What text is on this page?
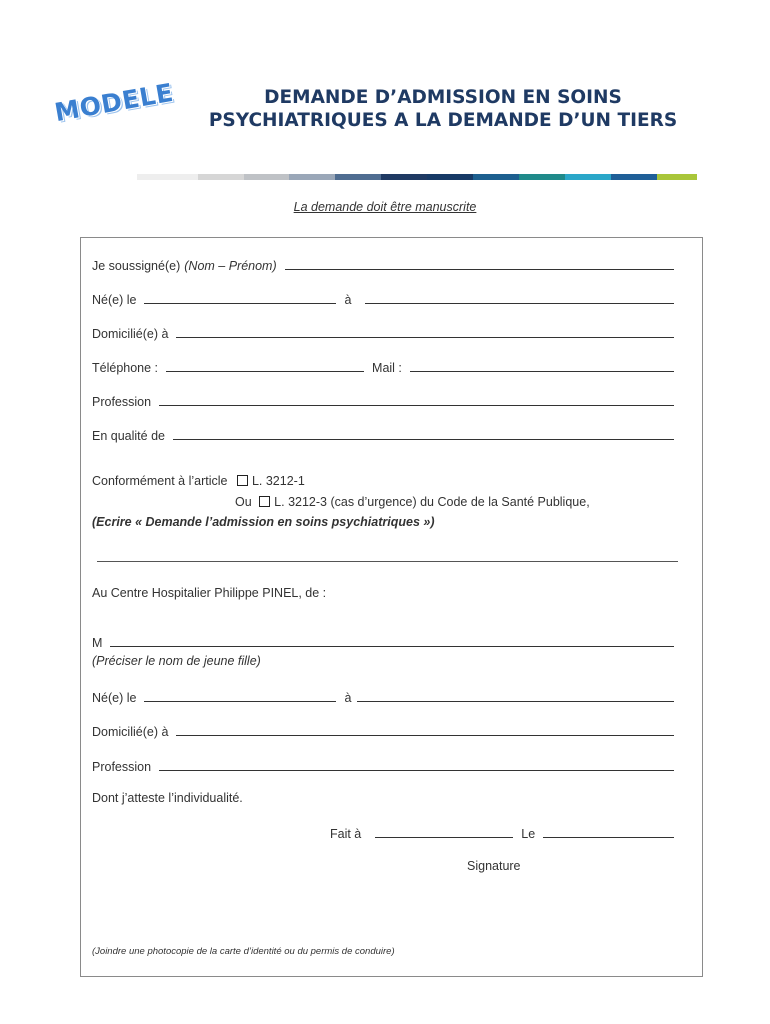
MODELE	DEMANDE D’ADMISSION EN SOINS
PSYCHIATRIQUES A LA DEMANDE D’UN TIERS
La demande doit être manuscrite
Je soussigné(e) (Nom – Prénom)
Né(e) le	à
Domicilié(e) à
Téléphone :	Mail :
Profession
En qualité de
Conformément à l’article L. 3212-1
Ou L. 3212-3 (cas d’urgence) du Code de la Santé Publique,
(Ecrire « Demande l’admission en soins psychiatriques »)
Au Centre Hospitalier Philippe PINEL, de :
M
(Préciser le nom de jeune fille)
Né(e) le	à
Domicilié(e) à
Profession
Dont j’atteste l’individualité.
Fait à	Le
Signature
(Joindre une photocopie de la carte d’identité ou du permis de conduire)
